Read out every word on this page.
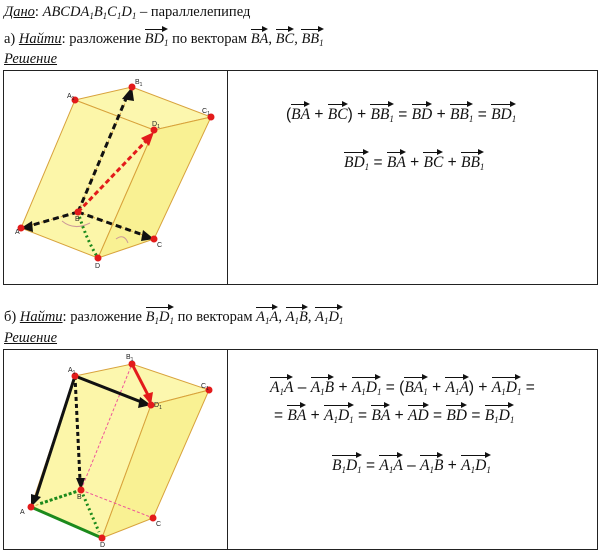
Дано: $ABCDA_1B_1C_1D_1$ – параллелепипед
а) Найти: разложение $BD_1$ по векторам BA, BC, $BB_1$
Решение
$A_1$
$B_1$
$C_1$
$D_1$
A
B
C
D
$(BA + BC) + BB_1$ = BD + $BB_1 = BD_1$
$BD_1$ = BA + BC + $BB_1$
б) Найти: разложение $B_1D_1$ по векторам $A_1A$, $A_1B$, $A_1D_1$
Решение
$A_1$
$B_1$
$C_1$
$D_1$
A
B
C
D
$A_1A - A_1B + A_1D_1 = (BA_1 + A_1A) + A_1D_1$ =
= BA + $A_1D_1$ = BA + AD = BD = $B_1D_1$
$B_1D_1 = A_1A - A_1B + A_1D_1$
